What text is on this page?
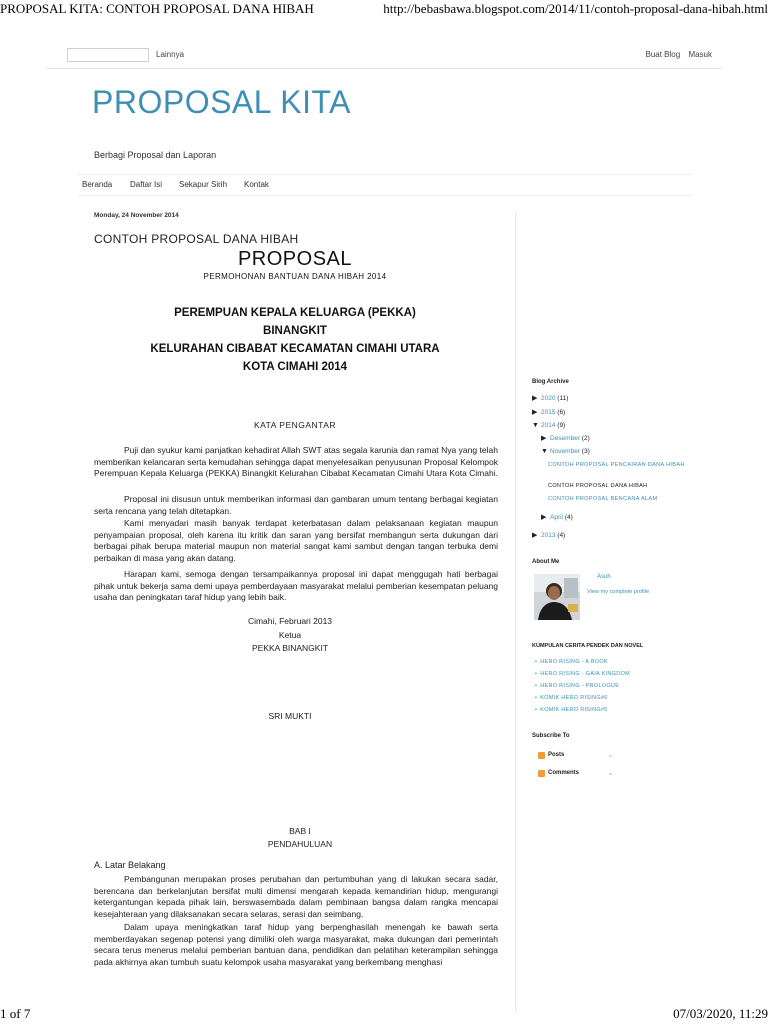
PROPOSAL KITA: CONTOH PROPOSAL DANA HIBAH	http://bebasbawa.blogspot.com/2014/11/contoh-proposal-dana-hibah.html
Lainnya	Buat Blog Masuk
PROPOSAL KITA
Berbagi Proposal dan Laporan
Beranda Daftar Isi Sekapur Sirih Kontak
Monday, 24 November 2014
CONTOH PROPOSAL DANA HIBAH
PROPOSAL
PERMOHONAN BANTUAN DANA HIBAH 2014
PEREMPUAN KEPALA KELUARGA (PEKKA)
BINANGKIT
KELURAHAN CIBABAT KECAMATAN CIMAHI UTARA
KOTA CIMAHI 2014
KATA PENGANTAR
Puji dan syukur kami panjatkan kehadirat Allah SWT atas segala karunia dan ramat Nya yang telah memberikan kelancaran serta kemudahan sehingga dapat menyelesaikan penyusunan Proposal Kelompok Perempuan Kepala Keluarga (PEKKA) Binangkit Kelurahan Cibabat Kecamatan Cimahi Utara Kota Cimahi.
Proposal ini disusun untuk memberikan informasi dan gambaran umum tentang berbagai kegiatan serta rencana yang telah ditetapkan.
Kami menyadari masih banyak terdapat keterbatasan dalam pelaksanaan kegiatan maupun penyampaian proposal, oleh karena itu kritik dan saran yang bersifat membangun serta dukungan dari berbagai pihak berupa material maupun non material sangat kami sambut dengan tangan terbuka demi perbaikan di masa yang akan datang.
Harapan kami, semoga dengan tersampaikannya proposal ini dapat menggugah hati berbagai pihak untuk bekerja sama demi upaya pemberdayaan masyarakat melalui pemberian kesempatan peluang usaha dan peningkatan taraf hidup yang lebih baik.
Cimahi, Februari 2013
Ketua
PEKKA BINANGKIT
SRI MUKTI
BAB I
PENDAHULUAN
A. Latar Belakang
Pembangunan merupakan proses perubahan dan pertumbuhan yang di lakukan secara sadar, berencana dan berkelanjutan bersifat multi dimensi mengarah kepada kemandirian hidup, mengurangi ketergantungan kepada pihak lain, berswasembada dalam pembinaan bangsa dalam rangka mencapai kesejahteraan yang dilaksanakan secara selaras, serasi dan seimbang.
Dalam upaya meningkatkan taraf hidup yang berpenghasilah menengah ke bawah serta memberdayakan segenap potensi yang dimiliki oleh warga masyarakat, maka dukungan dari pemerintah secara terus menerus melalui pemberian bantuan dana, pendidikan dan pelatihan keterampilan sehingga pada akhirnya akan tumbuh suatu kelompok usaha masyarakat yang berkembang menghasi
Blog Archive
▶ 2020 (11)
▶ 2015 (6)
▼ 2014 (9)
▶ Desember (2)
▼ November (3)
CONTOH PROPOSAL PENCAIRAN DANA HIBAH
CONTOH PROPOSAL DANA HIBAH
CONTOH PROPOSAL BENCANA ALAM
▶ April (4)
▶ 2013 (4)
About Me
Asuh
View my complete profile
KUMPULAN CERITA PENDEK DAN NOVEL
• HERO RISING - A BOOK
• HERO RISING - GAIA KINGDOM
• HERO RISING - PROLOGUE
• KOMIK HERO RISING#6
• KOMIK HERO RISING#5
Subscribe To
Posts	⌄
Comments	⌄
1 of 7	07/03/2020, 11:29
